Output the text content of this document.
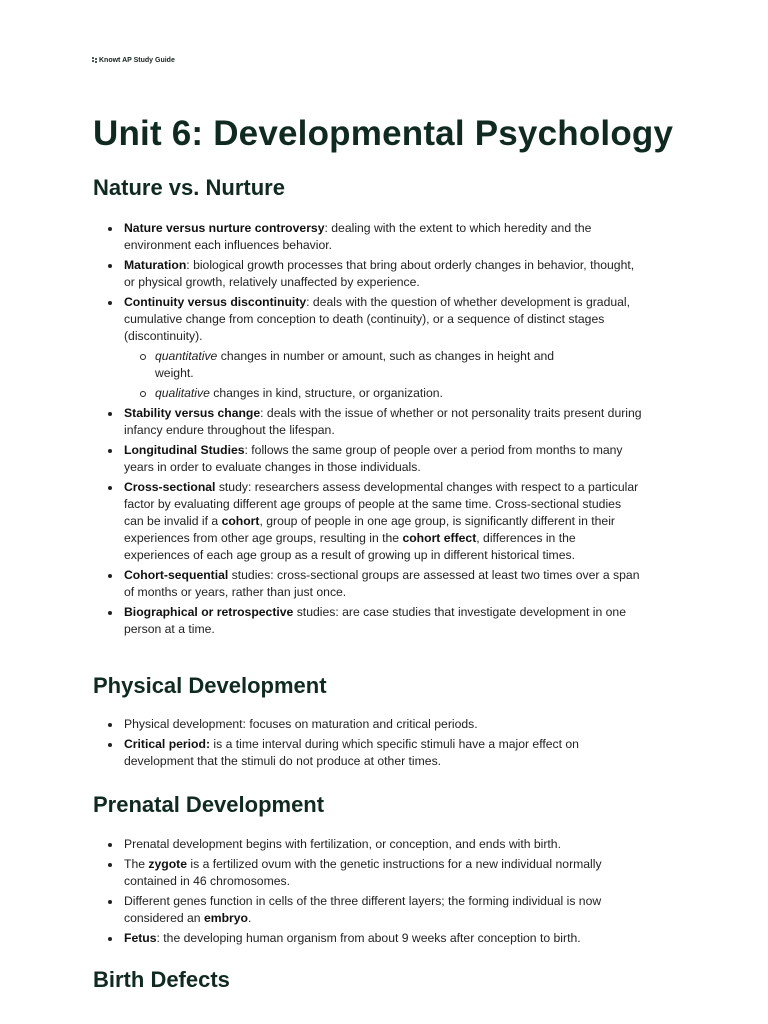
Knowt AP Study Guide
Unit 6: Developmental Psychology
Nature vs. Nurture
Nature versus nurture controversy: dealing with the extent to which heredity and the environment each influences behavior.
Maturation: biological growth processes that bring about orderly changes in behavior, thought, or physical growth, relatively unaffected by experience.
Continuity versus discontinuity: deals with the question of whether development is gradual, cumulative change from conception to death (continuity), or a sequence of distinct stages (discontinuity).
quantitative changes in number or amount, such as changes in height and weight.
qualitative changes in kind, structure, or organization.
Stability versus change: deals with the issue of whether or not personality traits present during infancy endure throughout the lifespan.
Longitudinal Studies: follows the same group of people over a period from months to many years in order to evaluate changes in those individuals.
Cross-sectional study: researchers assess developmental changes with respect to a particular factor by evaluating different age groups of people at the same time. Cross-sectional studies can be invalid if a cohort, group of people in one age group, is significantly different in their experiences from other age groups, resulting in the cohort effect, differences in the experiences of each age group as a result of growing up in different historical times.
Cohort-sequential studies: cross-sectional groups are assessed at least two times over a span of months or years, rather than just once.
Biographical or retrospective studies: are case studies that investigate development in one person at a time.
Physical Development
Physical development: focuses on maturation and critical periods.
Critical period: is a time interval during which specific stimuli have a major effect on development that the stimuli do not produce at other times.
Prenatal Development
Prenatal development begins with fertilization, or conception, and ends with birth.
The zygote is a fertilized ovum with the genetic instructions for a new individual normally contained in 46 chromosomes.
Different genes function in cells of the three different layers; the forming individual is now considered an embryo.
Fetus: the developing human organism from about 9 weeks after conception to birth.
Birth Defects
